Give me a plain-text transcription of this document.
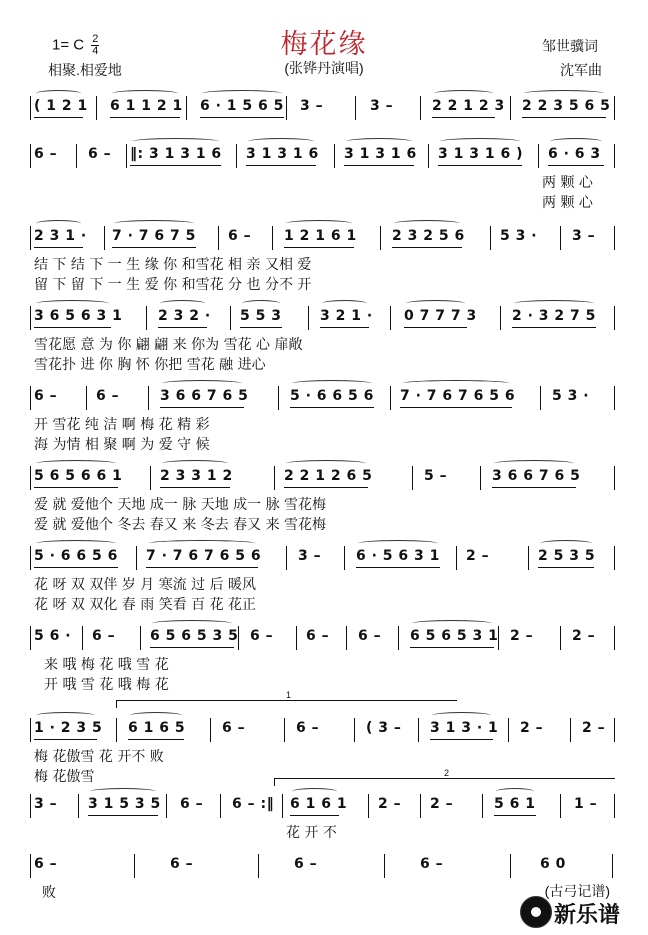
梅花缘
(张铧丹演唱)
1= C $\frac{2}{4}$
相聚.相爱地
邹世骥词
沈军曲
( 1 2 1 6 1 1 2 1 6 · 1 5 6 5 3 –	3 –	2 2 1 2 3 2 2 3 5 6 5
6 – 6 – ‖: 3 1 3 1 6 3 1 3 1 6 3 1 3 1 6 3 1 3 1 6 ) 6 · 6 3
两 颗 心
两 颗 心
2 3 1 · 7 · 7 6 7 5 6 – 1 2 1 6 1	2 3 2 5 6	5 3 · 3 –
结 下 结 下 一 生 缘 你 和雪花 相 亲 又相 爱
留 下 留 下 一 生 爱 你 和雪花 分 也 分不 开
3 6 5 6 3 1	2 3 2 · 5 5 3	3 2 1 · 0 7 7 7 3	2 · 3 2 7 5
雪花愿 意 为 你 翩 翩 来 你为 雪花 心 扉敞
雪花扑 进 你 胸 怀 你把 雪花 融 进心
6 –	6 –	3 6 6 7 6 5	5 · 6 6 5 6 7 · 7 6 7 6 5 6	5 3 ·
开 雪花 纯 洁 啊 梅 花 精 彩
海 为情 相 聚 啊 为 爱 守 候
5 6 5 6 6 1	2 3 3 1 2	2 2 1 2 6 5	5 –	3 6 6 7 6 5
爱 就 爱他个 天地 成一 脉 天地 成一 脉 雪花梅
爱 就 爱他个 冬去 春又 来 冬去 春又 来 雪花梅
5 · 6 6 5 6 7 · 7 6 7 6 5 6	3 – 6 · 5 6 3 1 2 –	2 5 3 5
花 呀 双 双伴 岁 月 寒流 过 后 暖风
花 呀 双 双化 春 雨 笑看 百 花 花正
5 6 · 6 – 6 5 6 5 3 5 6 – 6 – 6 – 6 5 6 5 3 1 2 –	2 –
来 哦 梅 花 哦 雪 花
开 哦 雪 花 哦 梅 花
1 · 2 3 5 6 1 6 5	6 –	6 –	( 3 – 3 1 3 · 1 2 –	2 –
梅 花傲雪 花 开不 败
梅 花傲雪
3 – 3 1 5 3 5 6 – 6 – :‖ 6 1 6 1 2 – 2 –	5 6 1	1 –
花 开 不
6 –	6 –	6 –	6 –	6 0
败
1
2
(古弓记谱)
新乐谱
